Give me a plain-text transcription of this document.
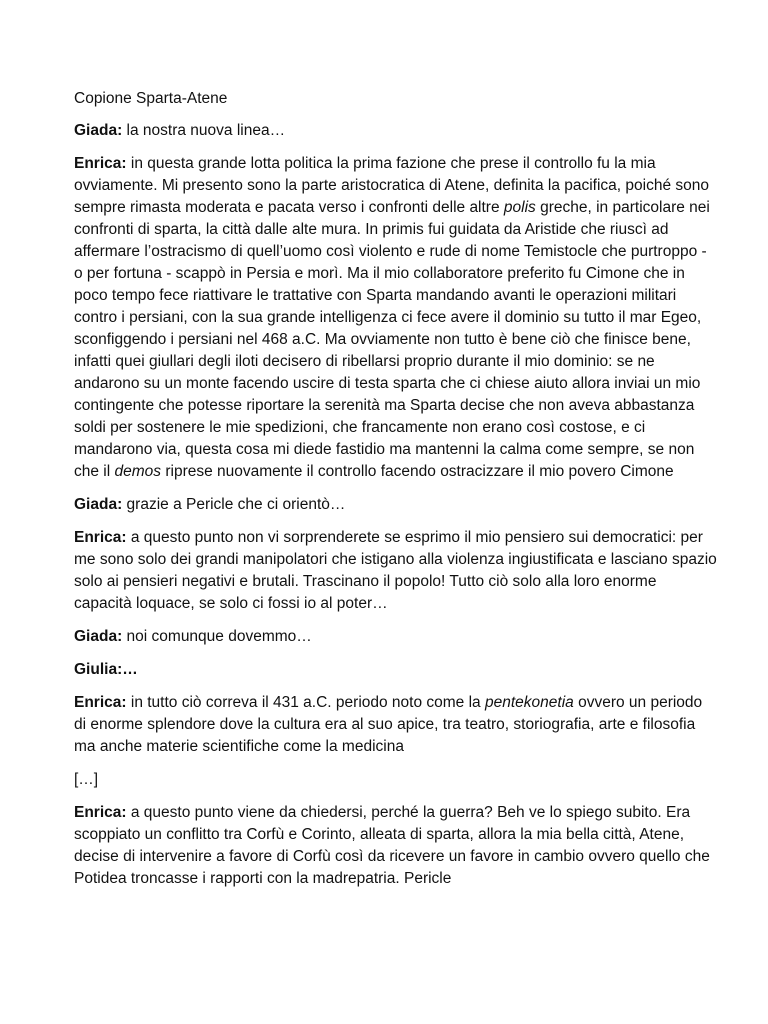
Copione Sparta-Atene

Giada: la nostra nuova linea…

Enrica: in questa grande lotta politica la prima fazione che prese il controllo fu la mia ovviamente. Mi presento sono la parte aristocratica di Atene, definita la pacifica, poiché sono sempre rimasta moderata e pacata verso i confronti delle altre polis greche, in particolare nei confronti di sparta, la città dalle alte mura. In primis fui guidata da Aristide che riuscì ad affermare l’ostracismo di quell’uomo così violento e rude di nome Temistocle che purtroppo - o per fortuna - scappò in Persia e morì. Ma il mio collaboratore preferito fu Cimone che in poco tempo fece riattivare le trattative con Sparta mandando avanti le operazioni militari contro i persiani, con la sua grande intelligenza ci fece avere il dominio su tutto il mar Egeo, sconfiggendo i persiani nel 468 a.C. Ma ovviamente non tutto è bene ciò che finisce bene, infatti quei giullari degli iloti decisero di ribellarsi proprio durante il mio dominio: se ne andarono su un monte facendo uscire di testa sparta che ci chiese aiuto allora inviai un mio contingente che potesse riportare la serenità ma Sparta decise che non aveva abbastanza soldi per sostenere le mie spedizioni, che francamente non erano così costose, e ci mandarono via, questa cosa mi diede fastidio ma mantenni la calma come sempre, se non che il demos riprese nuovamente il controllo facendo ostracizzare il mio povero Cimone

Giada: grazie a Pericle che ci orientò…

Enrica: a questo punto non vi sorprenderete se esprimo il mio pensiero sui democratici: per me sono solo dei grandi manipolatori che istigano alla violenza ingiustificata e lasciano spazio solo ai pensieri negativi e brutali. Trascinano il popolo! Tutto ciò solo alla loro enorme capacità loquace, se solo ci fossi io al poter…

Giada: noi comunque dovemmo…

Giulia:…

Enrica: in tutto ciò correva il 431 a.C. periodo noto come la pentekonetia ovvero un periodo di enorme splendore dove la cultura era al suo apice, tra teatro, storiografia, arte e filosofia ma anche materie scientifiche come la medicina

[…]

Enrica: a questo punto viene da chiedersi, perché la guerra? Beh ve lo spiego subito. Era scoppiato un conflitto tra Corfù e Corinto, alleata di sparta, allora la mia bella città, Atene, decise di intervenire a favore di Corfù così da ricevere un favore in cambio ovvero quello che Potidea troncasse i rapporti con la madrepatria. Pericle
